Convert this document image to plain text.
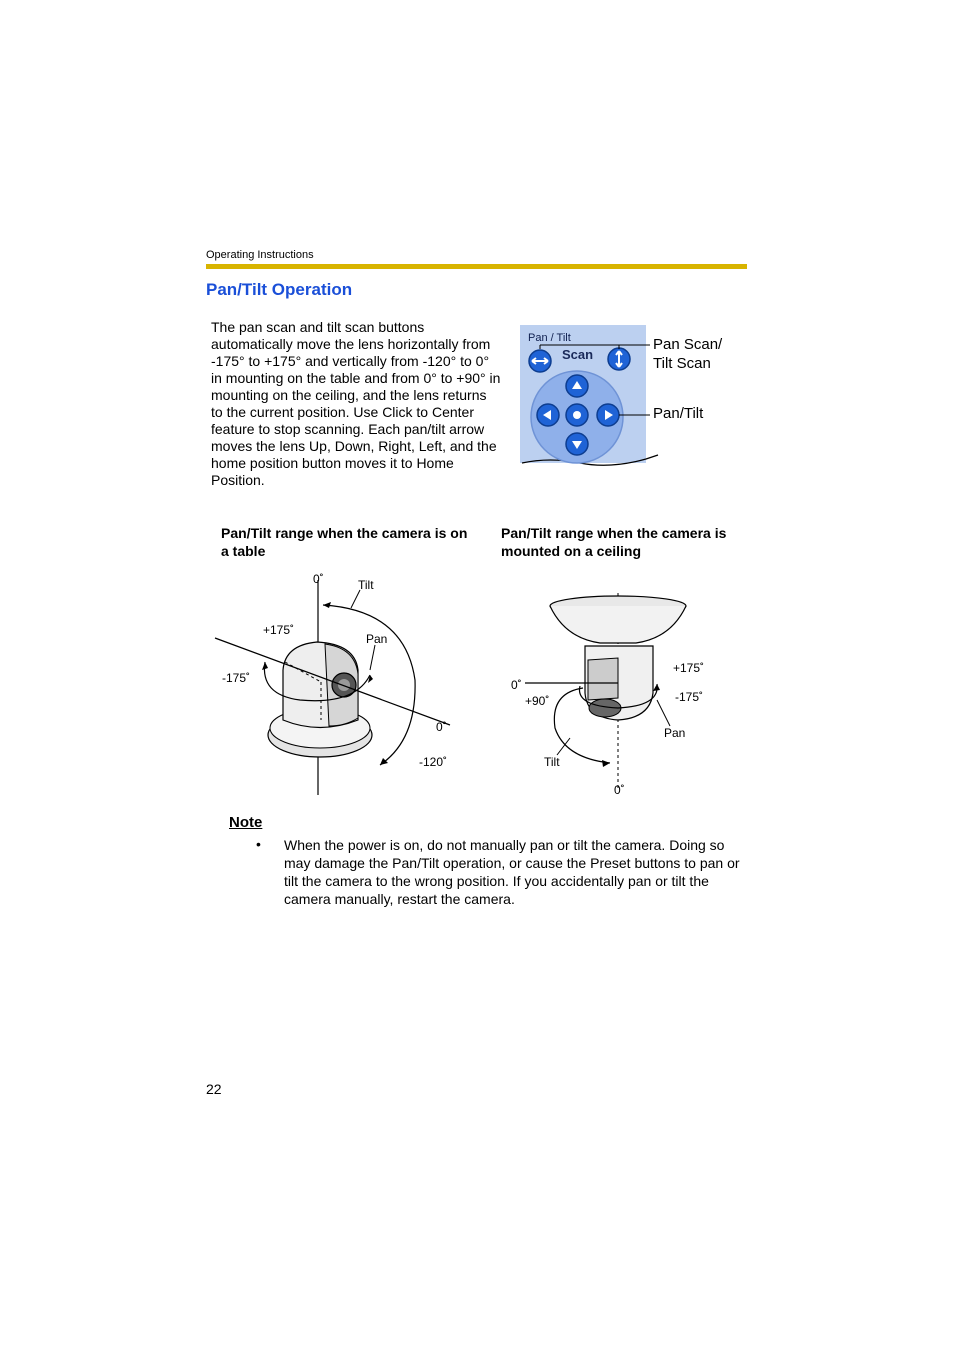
Operating Instructions
Pan/Tilt Operation
The pan scan and tilt scan buttons automatically move the lens horizontally from -175° to +175° and vertically from -120° to 0° in mounting on the table and from 0° to +90° in mounting on the ceiling, and the lens returns to the current position. Use Click to Center feature to stop scanning. Each pan/tilt arrow moves the lens Up, Down, Right, Left, and the home position button moves it to Home Position.
Pan / Tilt
Scan
Pan Scan/
Tilt Scan
Pan/Tilt
Pan/Tilt range when the camera is on a table
Pan/Tilt range when the camera is mounted on a ceiling
0˚	Tilt
+175˚
Pan
-175˚
0˚
-120˚
+175˚
0˚
-175˚
+90˚
Pan
Tilt
0˚
Note
• When the power is on, do not manually pan or tilt the camera. Doing so may damage the Pan/Tilt operation, or cause the Preset buttons to pan or tilt the camera to the wrong position. If you accidentally pan or tilt the camera manually, restart the camera.
22
